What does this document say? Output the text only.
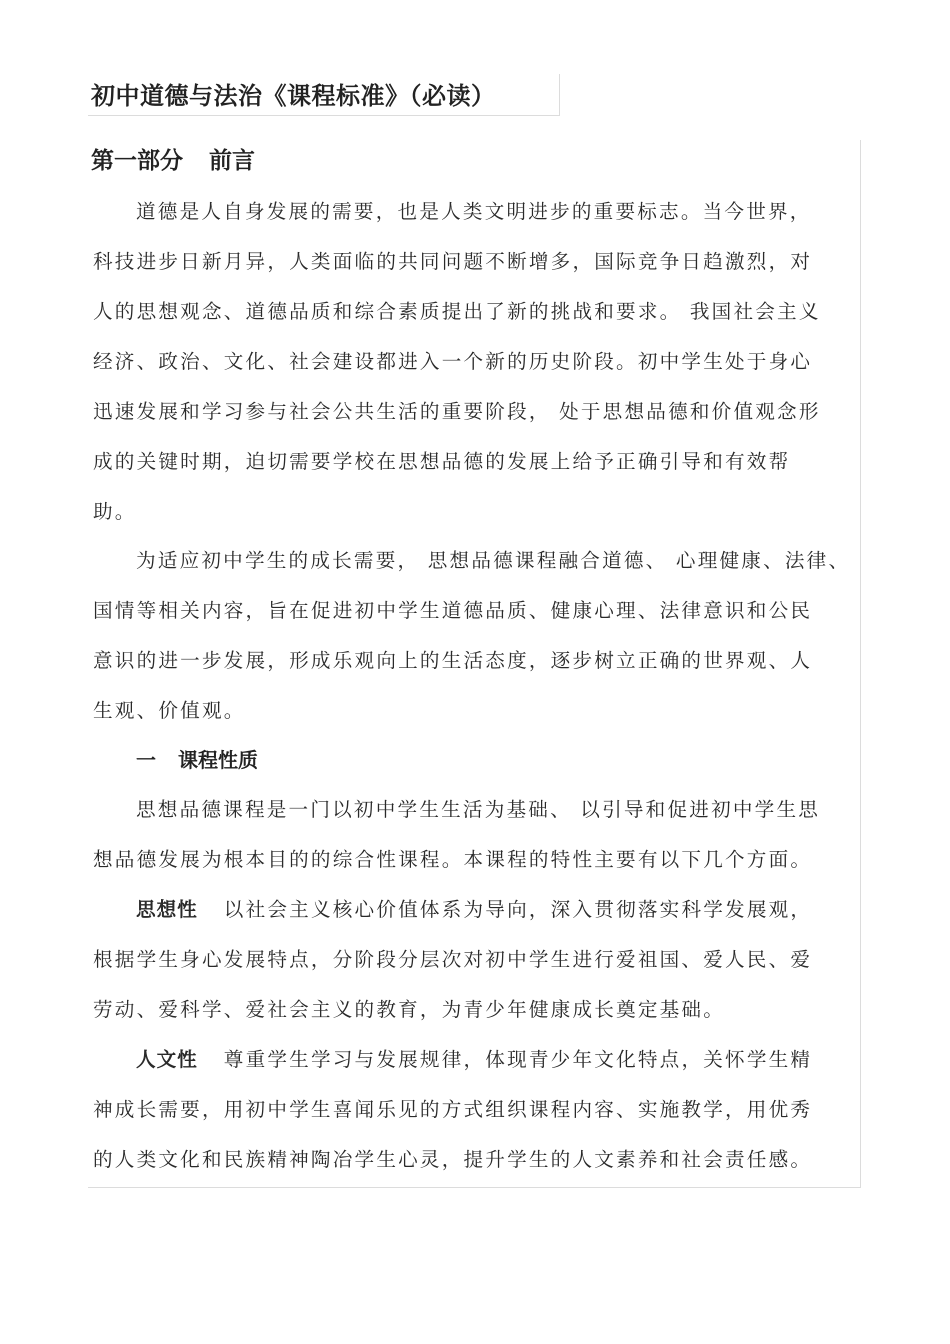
初中道德与法治《课程标准》（必读）
第一部分 前言
道德是人自身发展的需要，也是人类文明进步的重要标志。当今世界，
科技进步日新月异，人类面临的共同问题不断增多，国际竞争日趋激烈，对
人的思想观念、道德品质和综合素质提出了新的挑战和要求。 我国社会主义
经济、政治、文化、社会建设都进入一个新的历史阶段。初中学生处于身心
迅速发展和学习参与社会公共生活的重要阶段， 处于思想品德和价值观念形
成的关键时期，迫切需要学校在思想品德的发展上给予正确引导和有效帮
助。
为适应初中学生的成长需要， 思想品德课程融合道德、 心理健康、法律、
国情等相关内容，旨在促进初中学生道德品质、健康心理、法律意识和公民
意识的进一步发展，形成乐观向上的生活态度，逐步树立正确的世界观、人
生观、价值观。
一 课程性质
思想品德课程是一门以初中学生生活为基础、 以引导和促进初中学生思
想品德发展为根本目的的综合性课程。本课程的特性主要有以下几个方面。
思想性 以社会主义核心价值体系为导向，深入贯彻落实科学发展观，
根据学生身心发展特点，分阶段分层次对初中学生进行爱祖国、爱人民、爱
劳动、爱科学、爱社会主义的教育，为青少年健康成长奠定基础。
人文性 尊重学生学习与发展规律，体现青少年文化特点，关怀学生精
神成长需要，用初中学生喜闻乐见的方式组织课程内容、实施教学，用优秀
的人类文化和民族精神陶冶学生心灵，提升学生的人文素养和社会责任感。
